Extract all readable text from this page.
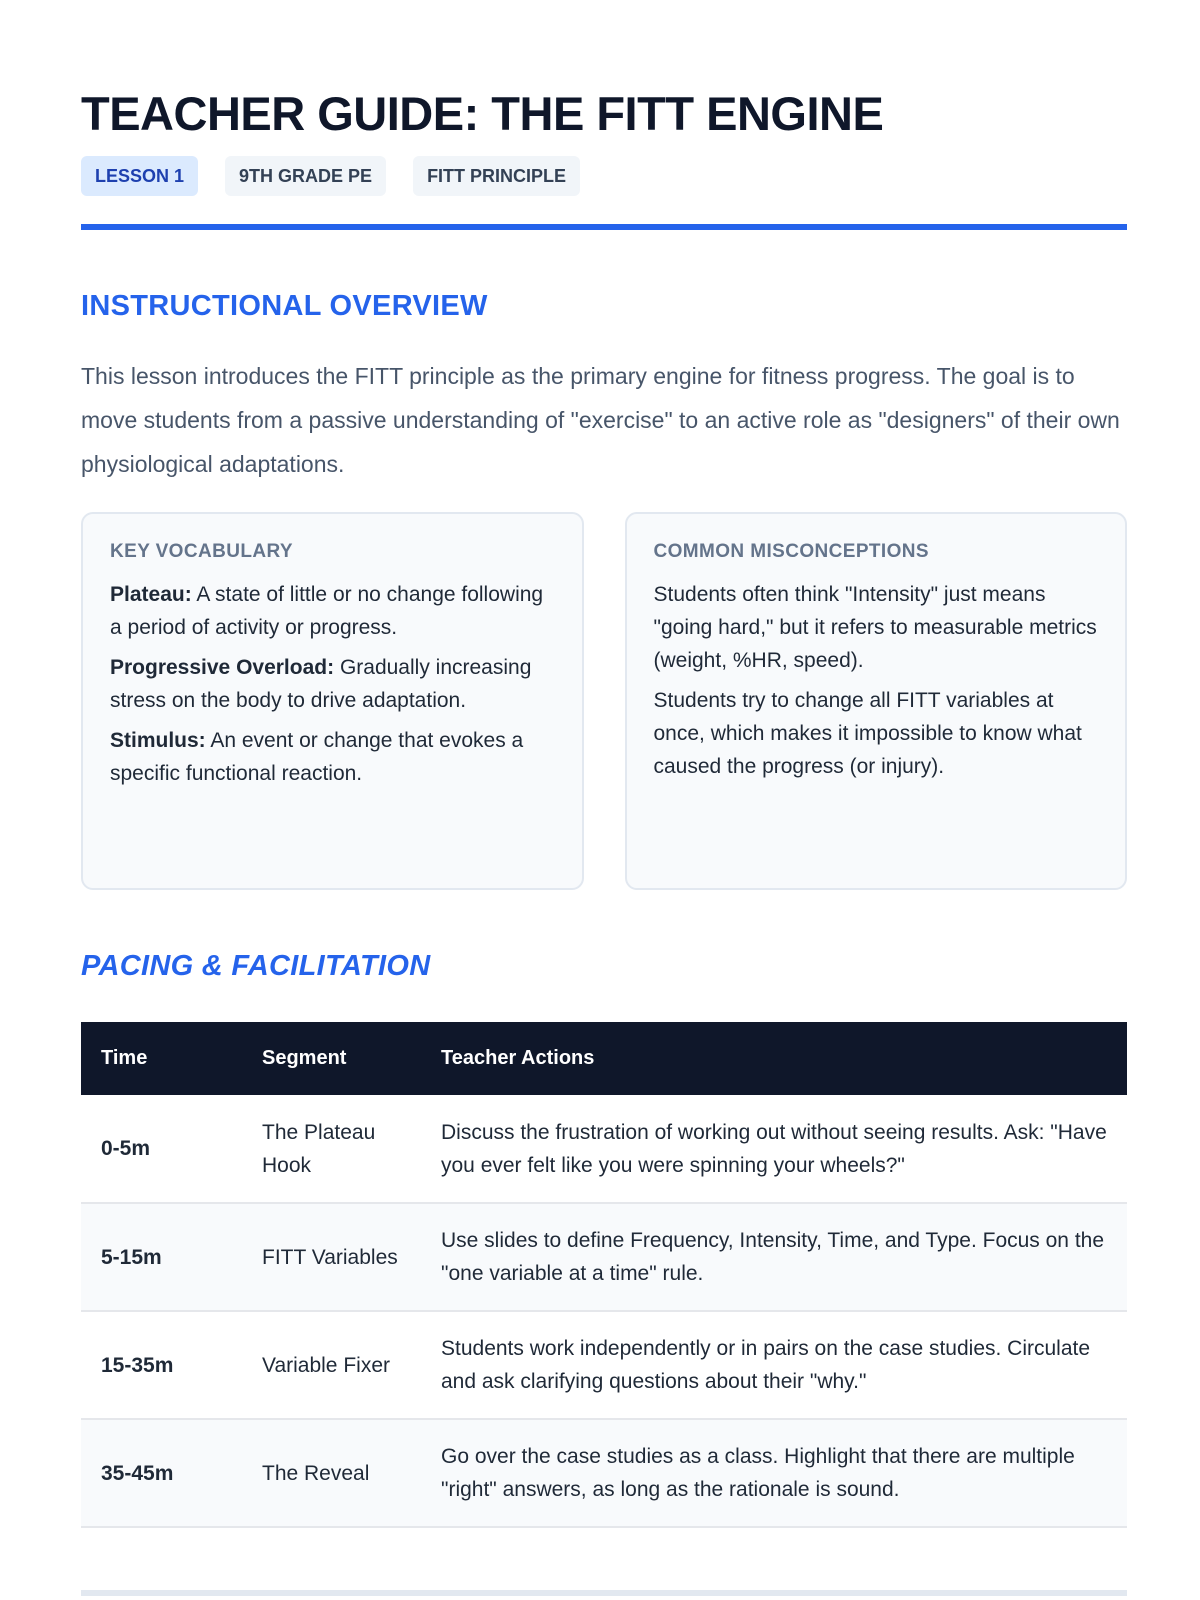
TEACHER GUIDE: THE FITT ENGINE
LESSON 1	9TH GRADE PE	FITT PRINCIPLE
INSTRUCTIONAL OVERVIEW

This lesson introduces the FITT principle as the primary engine for fitness progress. The goal is to move students from a passive understanding of "exercise" to an active role as "designers" of their own physiological adaptations.

KEY VOCABULARY

Plateau: A state of little or no change following a period of activity or progress.

Progressive Overload: Gradually increasing stress on the body to drive adaptation.

Stimulus: An event or change that evokes a specific functional reaction.

COMMON MISCONCEPTIONS

Students often think "Intensity" just means "going hard," but it refers to measurable metrics (weight, %HR, speed).

Students try to change all FITT variables at once, which makes it impossible to know what caused the progress (or injury).

PACING & FACILITATION
Time	Segment	Teacher Actions
0-5m	The Plateau Hook	Discuss the frustration of working out without seeing results. Ask: "Have you ever felt like you were spinning your wheels?"
5-15m	FITT Variables	Use slides to define Frequency, Intensity, Time, and Type. Focus on the "one variable at a time" rule.
15-35m	Variable Fixer	Students work independently or in pairs on the case studies. Circulate and ask clarifying questions about their "why."
35-45m	The Reveal	Go over the case studies as a class. Highlight that there are multiple "right" answers, as long as the rationale is sound.
